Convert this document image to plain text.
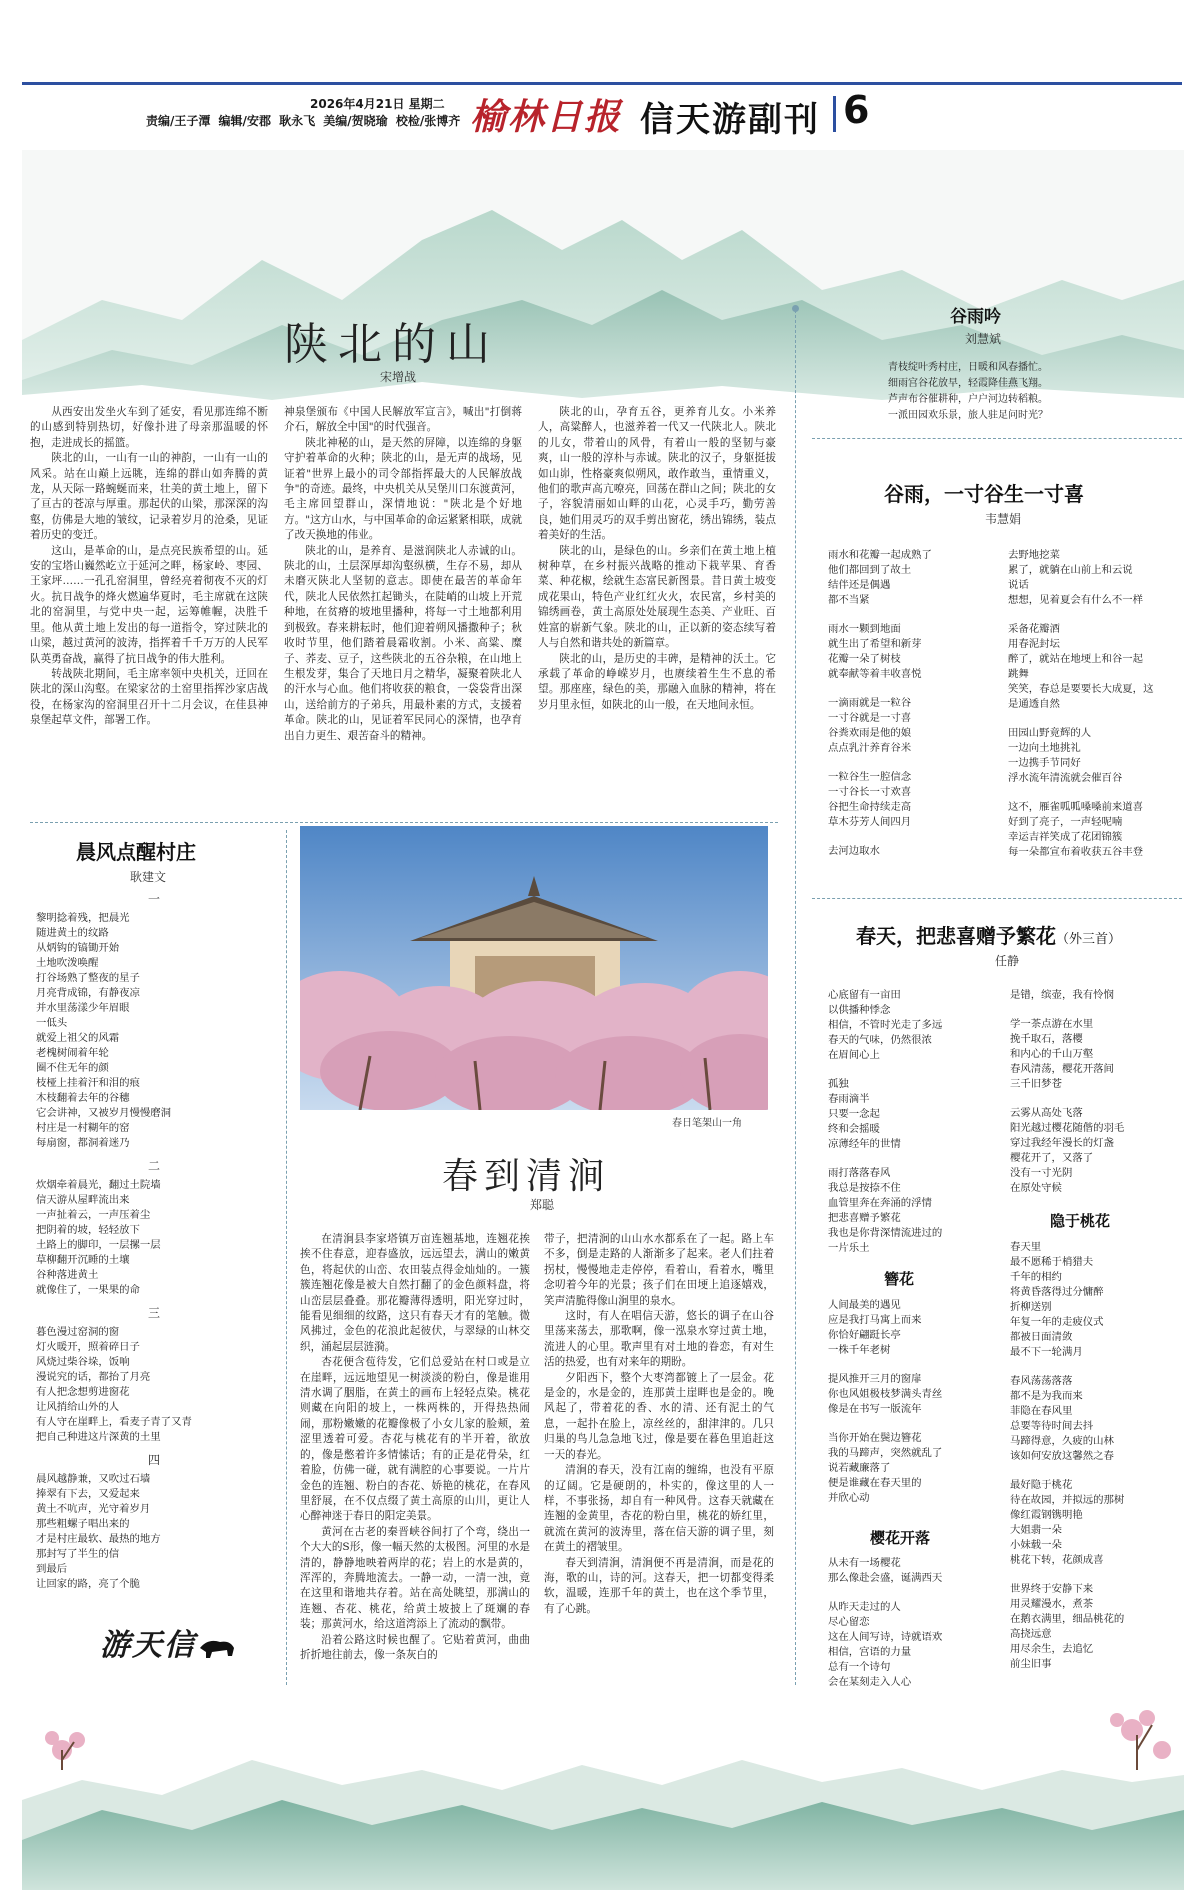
2026年4月21日 星期二
责编/王子潭 编辑/安郡 耿永飞 美编/贺晓瑜 校检/张博齐 榆林日报 信天游副刊 6
陕北的山
宋增战

从西安出发坐火车到了延安，看见那连绵不断的山感到特别热切，好像扑进了母亲那温暖的怀抱，走进成长的摇篮。

陕北的山，一山有一山的神韵，一山有一山的风采。站在山巅上远眺，连绵的群山如奔腾的黄龙，从天际一路蜿蜒而来，壮美的黄土地上，留下了亘古的苍凉与厚重。那起伏的山梁，那深深的沟壑，仿佛是大地的皱纹，记录着岁月的沧桑，见证着历史的变迁。

这山，是革命的山，是点亮民族希望的山。延安的宝塔山巍然屹立于延河之畔，杨家岭、枣园、王家坪……一孔孔窑洞里，曾经亮着彻夜不灭的灯火。抗日战争的烽火燃遍华夏时，毛主席就在这陕北的窑洞里，与党中央一起，运筹帷幄，决胜千里。他从黄土地上发出的每一道指令，穿过陕北的山梁，越过黄河的波涛，指挥着千千万万的人民军队英勇奋战，赢得了抗日战争的伟大胜利。

转战陕北期间，毛主席率领中央机关，迂回在陕北的深山沟壑。在梁家岔的土窑里指挥沙家店战役，在杨家沟的窑洞里召开十二月会议，在佳县神泉堡起草文件，部署工作。

神泉堡颁布《中国人民解放军宣言》，喊出"打倒蒋介石，解放全中国"的时代强音。

陕北神秘的山，是天然的屏障，以连绵的身躯守护着革命的火种；陕北的山，是无声的战场，见证着"世界上最小的司令部指挥最大的人民解放战争"的奇迹。最终，中央机关从吴堡川口东渡黄河，毛主席回望群山，深情地说："陕北是个好地方。"这方山水，与中国革命的命运紧紧相联，成就了改天换地的伟业。

陕北的山，是养育、是滋润陕北人赤诚的山。陕北的山，土层深厚却沟壑纵横，生存不易，却从未磨灭陕北人坚韧的意志。即使在最苦的革命年代，陕北人民依然扛起锄头，在陡峭的山坡上开荒种地，在贫瘠的坡地里播种，将每一寸土地都利用到极致。春来耕耘时，他们迎着朔风播撒种子；秋收时节里，他们踏着晨霜收割。小米、高粱、糜子、荞麦、豆子，这些陕北的五谷杂粮，在山地上生根发芽，集合了天地日月之精华，凝聚着陕北人的汗水与心血。他们将收获的粮食，一袋袋背出深山，送给前方的子弟兵，用最朴素的方式，支援着革命。陕北的山，见证着军民同心的深情，也孕育出自力更生、艰苦奋斗的精神。

陕北的山，孕育五谷，更养育儿女。小米养人，高粱醉人，也滋养着一代又一代陕北人。陕北的儿女，带着山的风骨，有着山一般的坚韧与豪爽，山一般的淳朴与赤诚。陕北的汉子，身躯挺拔如山峁，性格豪爽似朔风，敢作敢当，重情重义，他们的歌声高亢嘹亮，回荡在群山之间；陕北的女子，容貌清丽如山畔的山花，心灵手巧，勤劳善良，她们用灵巧的双手剪出窗花，绣出锦绣，装点着美好的生活。

陕北的山，是绿色的山。乡亲们在黄土地上植树种草，在乡村振兴战略的推动下栽苹果、育香菜、种花椒，绘就生态富民新图景。昔日黄土坡变成花果山，特色产业红红火火，农民富，乡村美的锦绣画卷，黄土高原处处展现生态美、产业旺、百姓富的崭新气象。陕北的山，正以新的姿态续写着人与自然和谐共处的新篇章。

陕北的山，是历史的丰碑，是精神的沃土。它承载了革命的峥嵘岁月，也赓续着生生不息的希望。那座座，绿色的美，那融入血脉的精神，将在岁月里永恒，如陕北的山一般，在天地间永恒。

谷雨吟
刘慧斌
青枝绽叶秀村庄，日暖和风春播忙。
细雨宫谷花放早，轻霞降佳燕飞翔。
芦声布谷催耕种，户户河边转稻粮。
一派田园欢乐景，旅人驻足问时光？
谷雨，一寸谷生一寸喜
韦慧娟
雨水和花瓣一起成熟了
他们都回到了故土
结伴还是偶遇
都不当紧
雨水一颗到地面
就生出了希望和新芽
花瓣一朵了树枝
就奉献等着丰收喜悦
一滴雨就是一粒谷
一寸谷就是一寸喜
谷粪欢雨是他的娘
点点乳汁养育谷米
一粒谷生一腔信念
一寸谷长一寸欢喜
谷把生命持续走高
草木芬芳人间四月
去河边取水
去野地挖菜
累了，就躺在山前上和云说
说话
想想，见着夏会有什么不一样
采备花瓣酒
用春泥封坛
醉了，就站在地埂上和谷一起
跳舞
笑笑，春总是要要长大成夏，这
是通透自然
田园山野竟辉的人
一边向土地挑礼
一边携手节同好
浮水流年清流就会催百谷
这不，雁雀呱呱嗓嗓前来道喜
好到了亮子，一声轻呢喃
幸运吉祥笑成了花团锦簇
每一朵都宣布着收获五谷丰登
春天，把悲喜赠予繁花（外三首）
任静
心底留有一亩田
以供播种悸念
相信，不管时光走了多远
春天的气味，仍然很浓
在眉间心上
孤独
春雨滴半
只要一念起
终和会摇暖
凉薄经年的世情
雨打落落春风
我总是按捺不住
血管里奔在奔涌的浮情
把悲喜赠予繁花
我也是你背深情流进过的
一片乐土
簪花
人间最美的遇见
应是我打马寓上而来
你恰好翩跹长亭
一株千年老树
提风推开三月的窗扉
你也风姐极枝梦满头青丝
像是在书写一版流年
当你开始在鬓边簪花
我的马蹄声，突然就乱了
说若藏廉落了
便是谁藏在春天里的
并欣心动
樱花开落
从未有一场樱花
那么像赴会盛，诞满西天
从昨天走过的人
尽心留恋
这在人间写诗，诗就语欢
相信，宫语的力量
总有一个诗句
会在某刻走入人心
是错，缤壶，我有怜悯
学一茶点游在水里
挽千取石，落樱
和内心的千山万壑
春风清荡，樱花开落间
三千旧梦苍
云雾从高处飞落
阳光越过樱花随偕的羽毛
穿过我经年漫长的灯盏
樱花开了，又落了
没有一寸光阴
在原处守候
隐于桃花
春天里
最不愿稀于梢猎夫
千年的相约
将黄昏落得过分慵醉
折柳送别
年复一年的走疲仪式
都被日面清敛
最不下一轮满月
春风荡荡落落
都不是为我而来
菲隐在春风里
总要等待时间去抖
马蹄得意，久疲的山林
该如何安放这馨然之春
最好隐于桃花
待在故园，并拟远的那树
像红霞钢镌明艳
大姐翡一朵
小妹载一朵
桃花下转，花颜成喜
世界终于安静下来
用灵耀漫水，煮茶
在鹅衣满里，细品桃花的
高挠远意
用尽余生，去追忆
前尘旧事
晨风点醒村庄
耿建文
一
黎明捻着残，把晨光
随进黄土的纹路
从炳钩的镐锄开始
土地吹泼唤醒
打谷场熟了整夜的星子
月亮背成锦，有静夜凉
并水里荡漾少年眉眼
一低头
就爱上祖父的风霜
老槐树闹着年轮
圈不住无年的颜
枝桠上挂着汗和泪的痕
木枝翻着去年的谷穗
它会讲神，又被岁月慢慢磨洞
村庄是一村糊年的窑
每扇窗，都洞着迷乃
二
炊烟牵着晨光，翻过土院墙
信天游从屋畔流出来
一声扯着云，一声压着尘
把阴着的坡，轻轻放下
土路上的脚印，一层摞一层
草柳翻开沉睡的土壤
谷种落进黄土
就像住了，一果果的命
三
暮色漫过窑洞的窗
灯火暖开，照着碎日子
风烧过柴谷垛，饭响
漫说究的话，都抬了月亮
有人把念想剪进窗花
让风捎给山外的人
有人守在崖畔上，看麦子青了又青
把自己种进这片深黄的土里
四
晨风越静兼，又吹过石墙
捧翠有下去，又爱起来
黄土不吭声，光守着岁月
那些粗螺子唱出来的
才是村庄最软、最热的地方
那封写了半生的信
到最后
让回家的路，亮了个脆
游天信
春日笔架山一角
春到清涧
郑聪

在清涧县李家塔镇万亩连翘基地，连翘花挨挨不住春意，迎春盛放，远远望去，满山的嫩黄色，将起伏的山峦、农田装点得金灿灿的。一簇簇连翘花像是被大自然打翻了的金色颜料盘，将山峦层层叠叠。那花瓣薄得透明，阳光穿过时，能看见细细的纹路，这只有春天才有的笔触。微风拂过，金色的花浪此起彼伏，与翠绿的山林交织，涌起层层涟漪。

杏花便含苞待发，它们总爱站在村口或是立在崖畔，远远地望见一树淡淡的粉白，像是谁用清水调了胭脂，在黄土的画布上轻轻点染。桃花则藏在向阳的坡上，一株两株的，开得热热闹闹，那粉嫩嫩的花瓣像极了小女儿家的脸颊，羞涩里透着可爱。杏花与桃花有的半开着，欲放的，像是憋着许多情愫话；有的正是花骨朵，红着脸，仿佛一碰，就有满腔的心事要说。一片片金色的连翘、粉白的杏花、娇艳的桃花，在春风里舒展，在不仅点缀了黄土高原的山川，更让人心醉神迷于春日的阳定美景。

黄河在古老的秦晋峡谷间打了个弯，绕出一个大大的S形，像一幅天然的太极图。河里的水是清的，静静地映着两岸的花；岩上的水是黄的，浑浑的，奔腾地流去。一静一动，一清一浊，竟在这里和谐地共存着。站在高处眺望，那满山的连翘、杏花、桃花，给黄土坡披上了斑斓的春装；那黄河水，给这道湾添上了流动的飘带。

沿着公路这时候也醒了。它贴着黄河，曲曲折折地往前去，像一条灰白的

带子，把清涧的山山水水都系在了一起。路上车不多，倒是走路的人渐渐多了起来。老人们拄着拐杖，慢慢地走走停停，看着山，看着水，嘴里念叨着今年的光景；孩子们在田埂上追逐嬉戏，笑声清脆得像山涧里的泉水。

这时，有人在唱信天游，悠长的调子在山谷里荡来荡去，那歌啊，像一泓泉水穿过黄土地，流进人的心里。歌声里有对土地的眷恋，有对生活的热爱，也有对来年的期盼。

夕阳西下，整个大枣湾都镀上了一层金。花是金的，水是金的，连那黄土崖畔也是金的。晚风起了，带着花的香、水的清、还有泥土的气息，一起扑在脸上，凉丝丝的，甜津津的。几只归巢的鸟儿急急地飞过，像是要在暮色里追赶这一天的春光。

清涧的春天，没有江南的缠绵，也没有平原的辽阔。它是硬朗的，朴实的，像这里的人一样，不事张扬，却自有一种风骨。这春天就藏在连翘的金黄里，杏花的粉白里，桃花的娇红里，就流在黄河的波涛里，落在信天游的调子里，刻在黄土的褶皱里。

春天到清涧，清涧便不再是清涧，而是花的海，歌的山，诗的河。这春天，把一切都变得柔软，温暖，连那千年的黄土，也在这个季节里，有了心跳。
